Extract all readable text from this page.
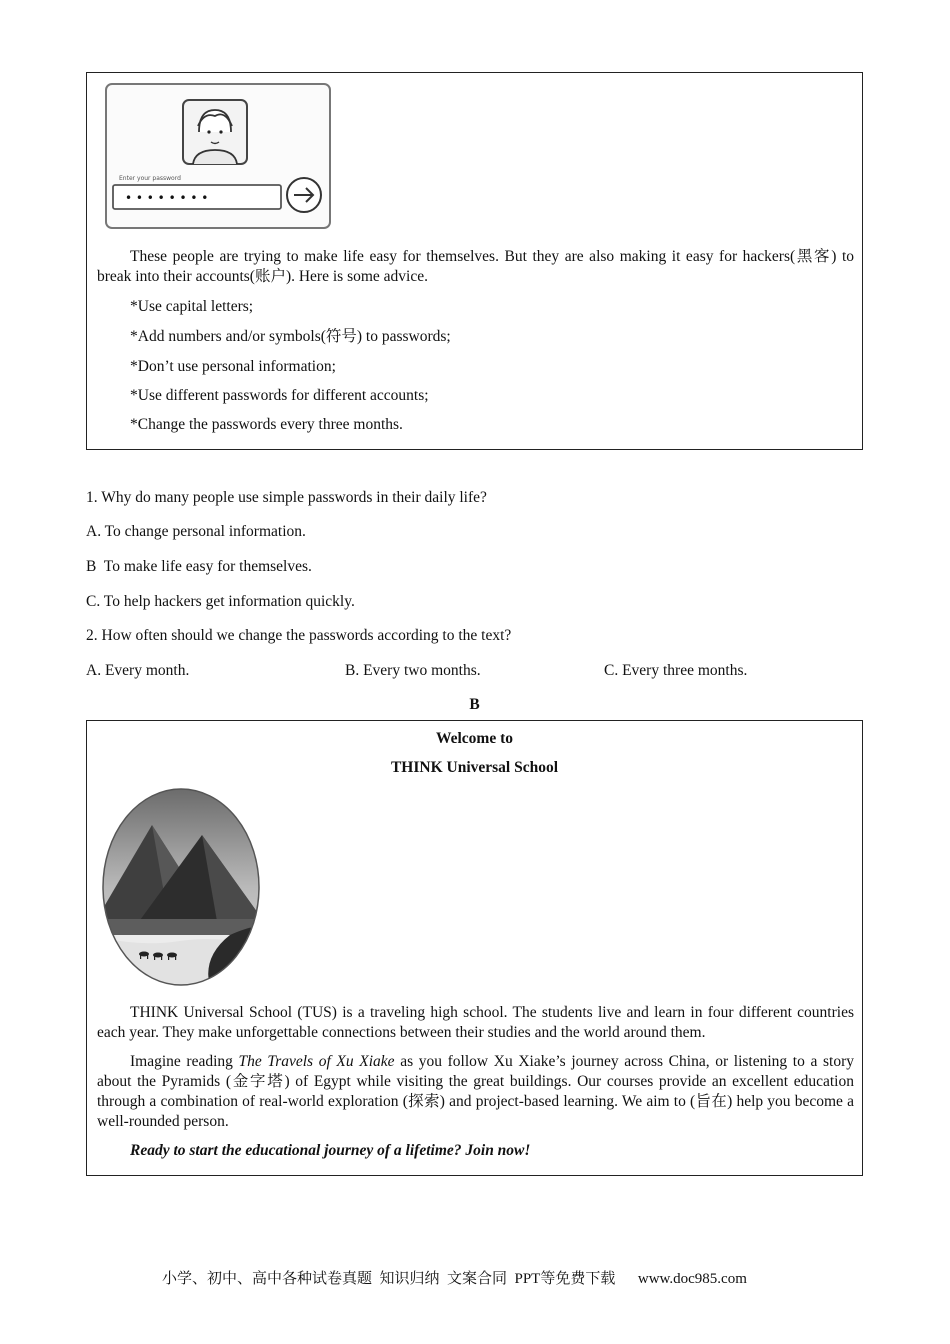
Enter your password
• • • • • • • •
These people are trying to make life easy for themselves. But they are also making it easy for hackers(黑客) to break into their accounts(账户). Here is some advice.
*Use capital letters;
*Add numbers and/or symbols(符号) to passwords;
*Don’t use personal information;
*Use different passwords for different accounts;
*Change the passwords every three months.
1. Why do many people use simple passwords in their daily life?
A. To change personal information.
B  To make life easy for themselves.
C. To help hackers get information quickly.
2. How often should we change the passwords according to the text?
A. Every month.	B. Every two months.	C. Every three months.
B
Welcome to
THINK Universal School
THINK Universal School (TUS) is a traveling high school. The students live and learn in four different countries each year. They make unforgettable connections between their studies and the world around them.
Imagine reading The Travels of Xu Xiake as you follow Xu Xiake’s journey across China, or listening to a story about the Pyramids (金字塔) of Egypt while visiting the great buildings. Our courses provide an excellent education through a combination of real-world exploration (探索) and project-based learning. We aim to (旨在) help you become a well-rounded person.
Ready to start the educational journey of a lifetime? Join now!
小学、初中、高中各种试卷真题  知识归纳  文案合同  PPT等免费下载 www.doc985.com
